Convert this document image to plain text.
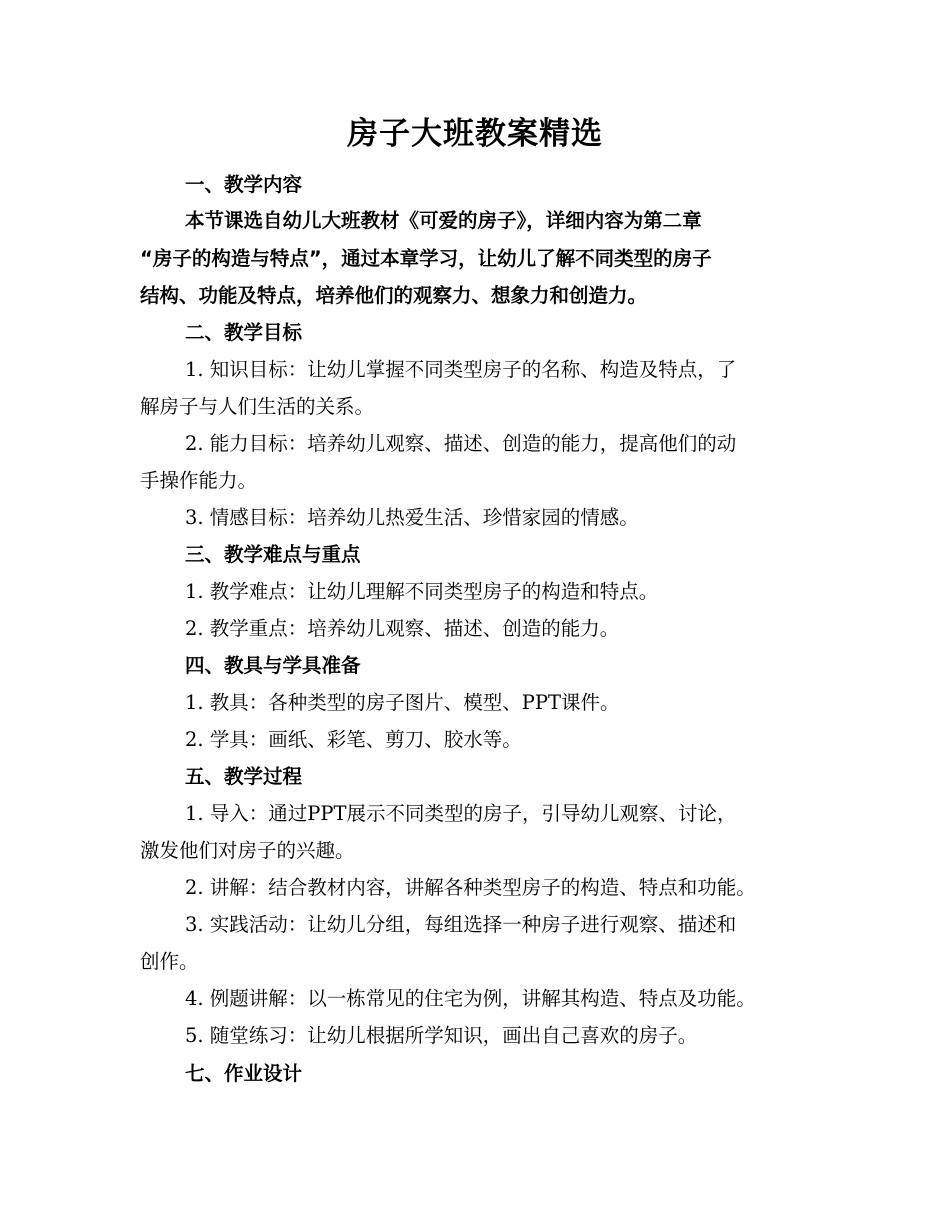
房子大班教案精选
一、教学内容
本节课选自幼儿大班教材《可爱的房子》，详细内容为第二章
“房子的构造与特点”，通过本章学习，让幼儿了解不同类型的房子
结构、功能及特点，培养他们的观察力、想象力和创造力。
二、教学目标
1. 知识目标：让幼儿掌握不同类型房子的名称、构造及特点，了
解房子与人们生活的关系。
2. 能力目标：培养幼儿观察、描述、创造的能力，提高他们的动
手操作能力。
3. 情感目标：培养幼儿热爱生活、珍惜家园的情感。
三、教学难点与重点
1. 教学难点：让幼儿理解不同类型房子的构造和特点。
2. 教学重点：培养幼儿观察、描述、创造的能力。
四、教具与学具准备
1. 教具：各种类型的房子图片、模型、PPT课件。
2. 学具：画纸、彩笔、剪刀、胶水等。
五、教学过程
1. 导入：通过PPT展示不同类型的房子，引导幼儿观察、讨论，
激发他们对房子的兴趣。
2. 讲解：结合教材内容，讲解各种类型房子的构造、特点和功能。
3. 实践活动：让幼儿分组，每组选择一种房子进行观察、描述和
创作。
4. 例题讲解：以一栋常见的住宅为例，讲解其构造、特点及功能。
5. 随堂练习：让幼儿根据所学知识，画出自己喜欢的房子。
七、作业设计
